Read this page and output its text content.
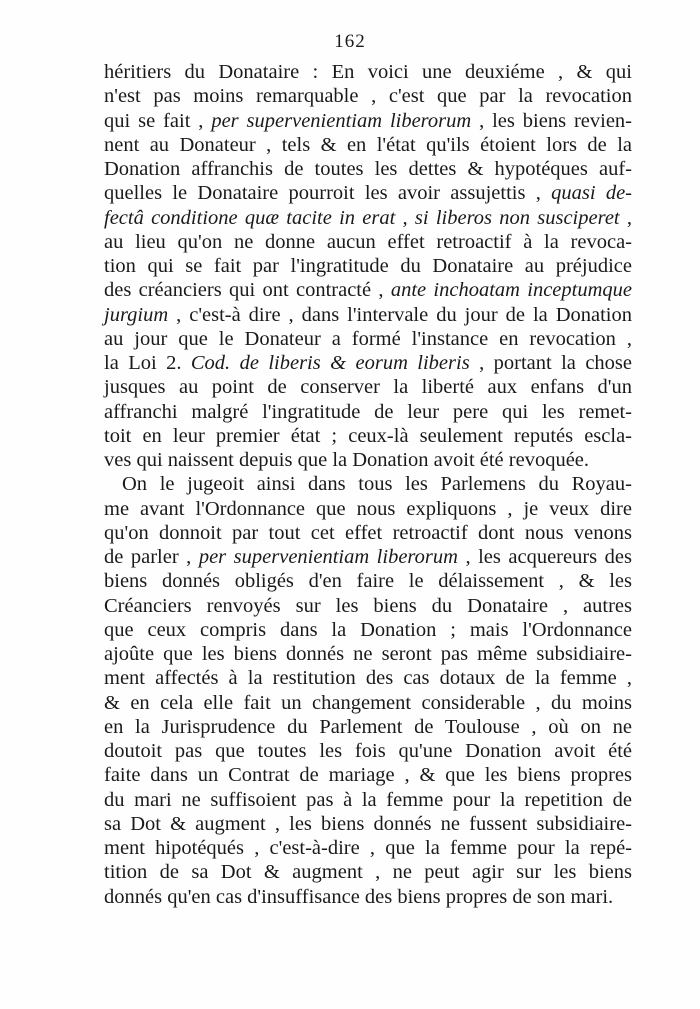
162
héritiers du Donataire : En voici une deuxiéme , & qui
n'est pas moins remarquable , c'est que par la revocation
qui se fait , per supervenientiam liberorum , les biens revien-
nent au Donateur , tels & en l'état qu'ils étoient lors de la
Donation affranchis de toutes les dettes & hypotéques auf-
quelles le Donataire pourroit les avoir assujettis , quasi de-
fectâ conditione quæ tacite in erat , si liberos non susciperet ,
au lieu qu'on ne donne aucun effet retroactif à la revoca-
tion qui se fait par l'ingratitude du Donataire au préjudice
des créanciers qui ont contracté , ante inchoatam inceptumque
jurgium , c'est-à dire , dans l'intervale du jour de la Donation
au jour que le Donateur a formé l'instance en revocation ,
la Loi 2. Cod. de liberis & eorum liberis , portant la chose
jusques au point de conserver la liberté aux enfans d'un
affranchi malgré l'ingratitude de leur pere qui les remet-
toit en leur premier état ; ceux-là seulement reputés escla-
ves qui naissent depuis que la Donation avoit été revoquée.
On le jugeoit ainsi dans tous les Parlemens du Royau-
me avant l'Ordonnance que nous expliquons , je veux dire
qu'on donnoit par tout cet effet retroactif dont nous venons
de parler , per supervenientiam liberorum , les acquereurs des
biens donnés obligés d'en faire le délaissement , & les
Créanciers renvoyés sur les biens du Donataire , autres
que ceux compris dans la Donation ; mais l'Ordonnance
ajoûte que les biens donnés ne seront pas même subsidiaire-
ment affectés à la restitution des cas dotaux de la femme ,
& en cela elle fait un changement considerable , du moins
en la Jurisprudence du Parlement de Toulouse , où on ne
doutoit pas que toutes les fois qu'une Donation avoit été
faite dans un Contrat de mariage , & que les biens propres
du mari ne suffisoient pas à la femme pour la repetition de
sa Dot & augment , les biens donnés ne fussent subsidiaire-
ment hipotéqués , c'est-à-dire , que la femme pour la repé-
tition de sa Dot & augment , ne peut agir sur les biens
donnés qu'en cas d'insuffisance des biens propres de son mari.
